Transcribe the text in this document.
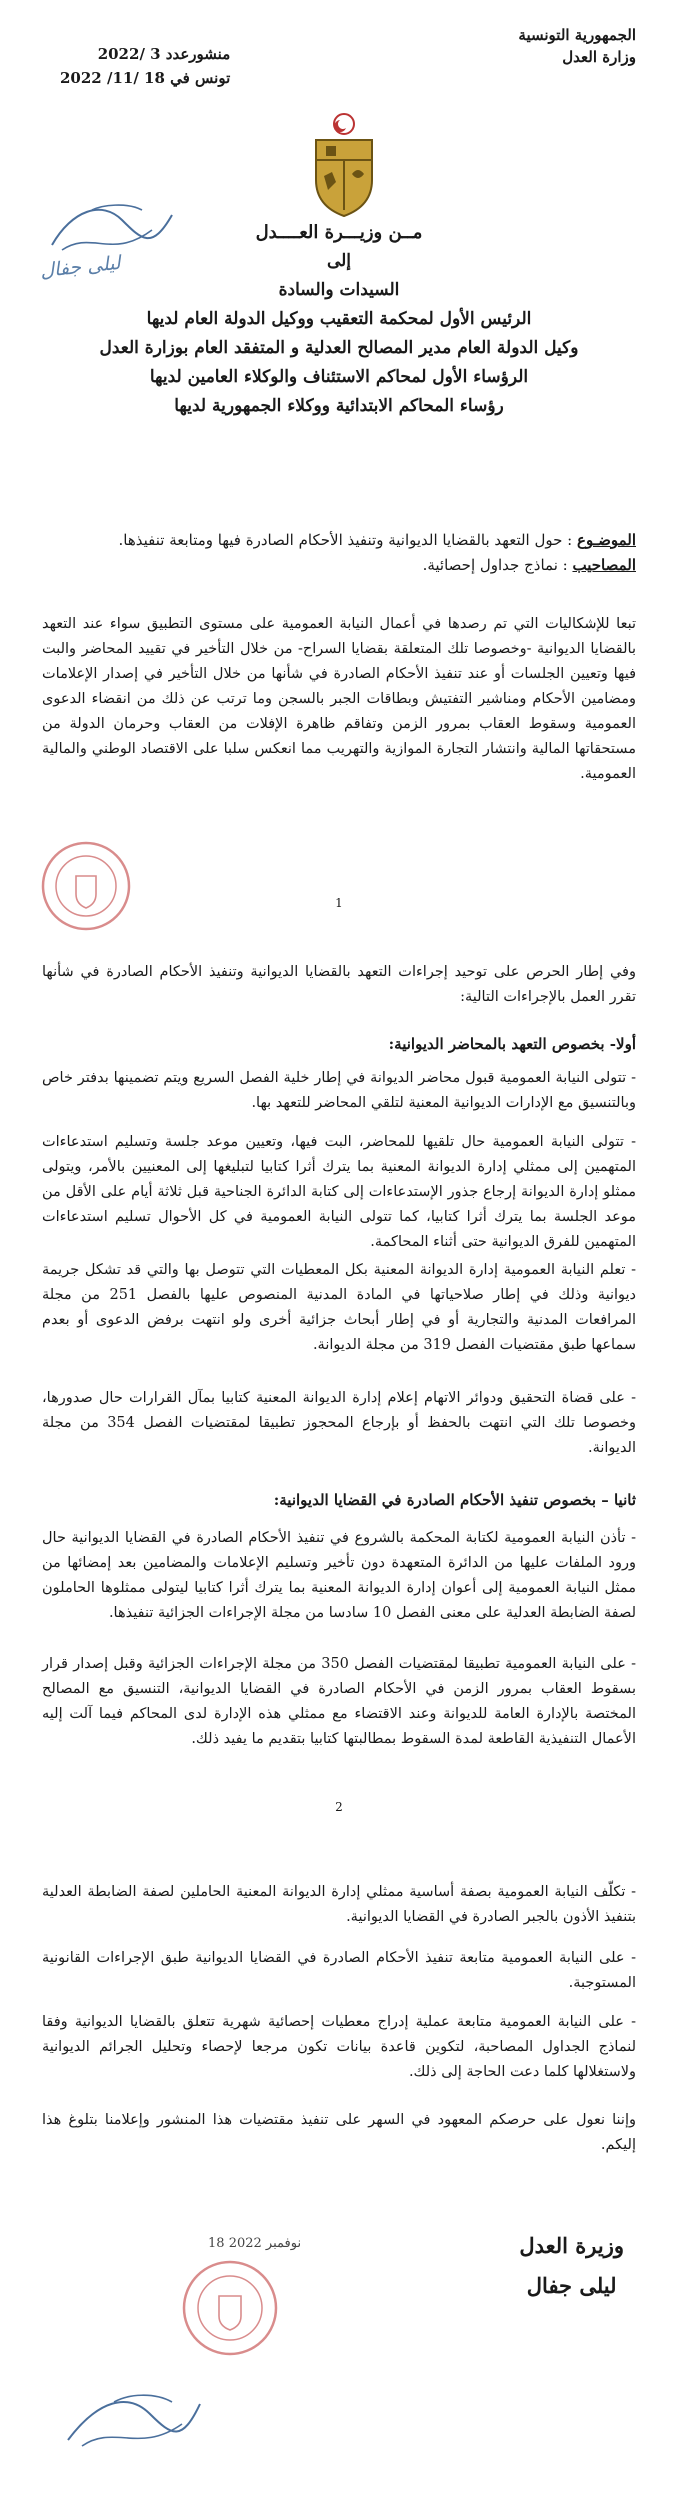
الجمهورية التونسية
وزارة العدل
منشورعدد 3 /2022
تونس في 18 /11/ 2022
ليلى جفال
مــن وزيـــرة العــــدل
إلى
السيدات والسادة
الرئيس الأول لمحكمة التعقيب ووكيل الدولة العام لديها
وكيل الدولة العام مدير المصالح العدلية و المتفقد العام بوزارة العدل
الرؤساء الأول لمحاكم الاستئناف والوكلاء العامين لديها
رؤساء المحاكم الابتدائية ووكلاء الجمهورية لديها
الموضـوع : حول التعهد بالقضايا الديوانية وتنفيذ الأحكام الصادرة فيها ومتابعة تنفيذها.
المصاحيب : نماذج جداول إحصائية.

تبعا للإشكاليات التي تم رصدها في أعمال النيابة العمومية على مستوى التطبيق سواء عند التعهد بالقضايا الديوانية -وخصوصا تلك المتعلقة بقضايا السراح- من خلال التأخير في تقييد المحاضر والبت فيها وتعيين الجلسات أو عند تنفيذ الأحكام الصادرة في شأنها من خلال التأخير في إصدار الإعلامات ومضامين الأحكام ومناشير التفتيش وبطاقات الجبر بالسجن وما ترتب عن ذلك من انقضاء الدعوى العمومية وسقوط العقاب بمرور الزمن وتفاقم ظاهرة الإفلات من العقاب وحرمان الدولة من مستحقاتها المالية وانتشار التجارة الموازية والتهريب مما انعكس سلبا على الاقتصاد الوطني والمالية العمومية.

1

وفي إطار الحرص على توحيد إجراءات التعهد بالقضايا الديوانية وتنفيذ الأحكام الصادرة في شأنها تقرر العمل بالإجراءات التالية:

أولا- بخصوص التعهد بالمحاضر الديوانية:

- تتولى النيابة العمومية قبول محاضر الديوانة في إطار خلية الفصل السريع ويتم تضمينها بدفتر خاص وبالتنسيق مع الإدارات الديوانية المعنية لتلقي المحاضر للتعهد بها.

- تتولى النيابة العمومية حال تلقيها للمحاضر، البت فيها، وتعيين موعد جلسة وتسليم استدعاءات المتهمين إلى ممثلي إدارة الديوانة المعنية بما يترك أثرا كتابيا لتبليغها إلى المعنيين بالأمر، ويتولى ممثلو إدارة الديوانة إرجاع جذور الإستدعاءات إلى كتابة الدائرة الجناحية قبل ثلاثة أيام على الأقل من موعد الجلسة بما يترك أثرا كتابيا، كما تتولى النيابة العمومية في كل الأحوال تسليم استدعاءات المتهمين للفرق الديوانية حتى أثناء المحاكمة.

- تعلم النيابة العمومية إدارة الديوانة المعنية بكل المعطيات التي تتوصل بها والتي قد تشكل جريمة ديوانية وذلك في إطار صلاحياتها في المادة المدنية المنصوص عليها بالفصل 251 من مجلة المرافعات المدنية والتجارية أو في إطار أبحاث جزائية أخرى ولو انتهت برفض الدعوى أو بعدم سماعها طبق مقتضيات الفصل 319 من مجلة الديوانة.

- على قضاة التحقيق ودوائر الاتهام إعلام إدارة الديوانة المعنية كتابيا بمآل القرارات حال صدورها، وخصوصا تلك التي انتهت بالحفظ أو بإرجاع المحجوز تطبيقا لمقتضيات الفصل 354 من مجلة الديوانة.

ثانيا – بخصوص تنفيذ الأحكام الصادرة في القضايا الديوانية:

- تأذن النيابة العمومية لكتابة المحكمة بالشروع في تنفيذ الأحكام الصادرة في القضايا الديوانية حال ورود الملفات عليها من الدائرة المتعهدة دون تأخير وتسليم الإعلامات والمضامين بعد إمضائها من ممثل النيابة العمومية إلى أعوان إدارة الديوانة المعنية بما يترك أثرا كتابيا ليتولى ممثلوها الحاملون لصفة الضابطة العدلية على معنى الفصل 10 سادسا من مجلة الإجراءات الجزائية تنفيذها.

- على النيابة العمومية تطبيقا لمقتضيات الفصل 350 من مجلة الإجراءات الجزائية وقبل إصدار قرار بسقوط العقاب بمرور الزمن في الأحكام الصادرة في القضايا الديوانية، التنسيق مع المصالح المختصة بالإدارة العامة للديوانة وعند الاقتضاء مع ممثلي هذه الإدارة لدى المحاكم فيما آلت إليه الأعمال التنفيذية القاطعة لمدة السقوط بمطالبتها كتابيا بتقديم ما يفيد ذلك.

2

- تكلّف النيابة العمومية بصفة أساسية ممثلي إدارة الديوانة المعنية الحاملين لصفة الضابطة العدلية بتنفيذ الأذون بالجبر الصادرة في القضايا الديوانية.

- على النيابة العمومية متابعة تنفيذ الأحكام الصادرة في القضايا الديوانية طبق الإجراءات القانونية المستوجبة.

- على النيابة العمومية متابعة عملية إدراج معطيات إحصائية شهرية تتعلق بالقضايا الديوانية وفقا لنماذج الجداول المصاحبة، لتكوين قاعدة بيانات تكون مرجعا لإحصاء وتحليل الجرائم الديوانية ولاستغلالها كلما دعت الحاجة إلى ذلك.

وإننا نعول على حرصكم المعهود في السهر على تنفيذ مقتضيات هذا المنشور وإعلامنا بتلوغ هذا إليكم.

وزيرة العدل
ليلى جفال
18 نوفمبر 2022
